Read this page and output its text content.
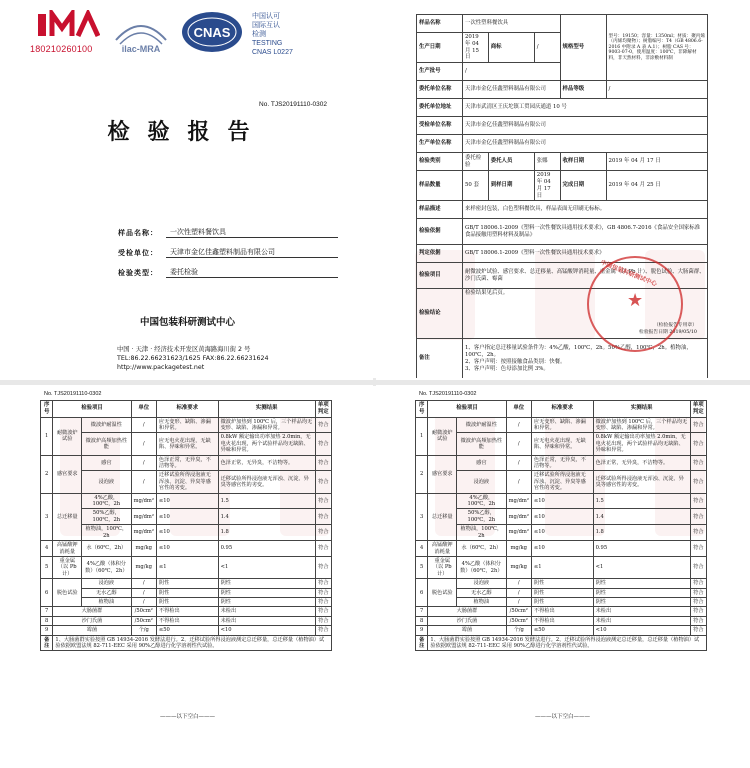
180210260100	ilac-MRA
CNAS
中国认可
国际互认
检测
TESTING
CNAS L0227
No. TJS20191110-0302
检验报告
样品名称：	一次性塑料餐饮具
受检单位：	天津市金亿佳鑫塑料制品有限公司
检验类型：	委托检验
中国包装科研测试中心
中国 · 天津 · 经济技术开发区黄海路海川街 2 号
TEL:86.22.66231623/1625 FAX:86.22.66231624
http://www.packagetest.net
样品名称	一次性塑料餐饮具			规格型号	型号：19150；容量：1350ml；材质：聚丙烯（丙烯均聚物）；树脂编号：T4（GB 4806.6-2016 中附录 A 表 A.1）；树脂 CAS 号：9003-07-0，使用温度：100℃，非降解材料，非天然材料，非涂敷材料制
生产日期	2019 年 04 月 15 日	商标	/		
生产批号	/				
委托单位名称	天津市金亿佳鑫塑料制品有限公司			样品等级	/
委托单位地址	天津市武清区王庆坨镇工贸园庆通道 10 号				
受检单位名称	天津市金亿佳鑫塑料制品有限公司				
生产单位名称	天津市金亿佳鑫塑料制品有限公司				
检验类别	委托检验	委托人员	张娜	收样日期	2019 年 04 月 17 日
样品数量	50 套	到样日期	2019 年 04 月 17 日	完成日期	2019 年 04 月 25 日
样品描述	来样密封包装，白色塑料餐饮具，样品表面无印刷无标标。				
检验依据	GB/T 18006.1-2009《塑料一次性餐饮具通用技术要求》，GB 4806.7-2016《食品安全国家标准 食品接触用塑料材料及制品》				
判定依据	GB/T 18006.1-2009《塑料一次性餐饮具通用技术要求》				
检验项目	耐微波炉试验、感官要求、总迁移量、高锰酸钾消耗量、重金属（以 Pb 计）、脱色试验、大肠菌群、沙门氏菌、霉菌				
检验结论	检验结果见后页。
（检验报告专用章）
检验报告日期 2019/05/10				

备注	1、客户指定总迁移量试验条件为：4%乙酸，100℃，2h。50%乙醇，100℃，2h。植物油，100℃，2h。
2、客户声明：按照接触食品类别：快餐。
3、客户声明：色母添加比例 3%。				
中国包装科研测试中心
★
No. TJS20191110-0302
序号	检验项目		单位	标准要求	实测结果	单项判定
1	耐微波炉试验	微波炉耐温性	/	应无变形、缺陷、渗漏和异常。	微波炉加热到 100℃ 后，三个样品均无变形、缺陷、渗漏和异常。	符合
		微波炉高频加热性能	/	应无电火花出现，无缺陷、异味和异常。	0.8kW 额定输出功率加热 2.0min，无电火花出现，两个试验样品均无缺陷、异味和异常。	符合
2	感官要求	感官	/	色泽正常，无异臭，不洁物等。	色泽正常，无异臭，不洁物等。	符合
		浸泡液	/	迁移试验所得浸泡液无浑浊、沉淀、异臭等感官性的劣变。	迁移试验所得浸泡液无浑浊、沉淀、异臭等感官性的劣变。	符合
3	总迁移量	4%乙酸，100℃，2h	mg/dm²	≤10	1.5	符合
		50%乙醇，100℃，2h	mg/dm²	≤10	1.4	符合
		植物油，100℃，2h	mg/dm²	≤10	1.8	符合
4	高锰酸钾消耗量	水（60℃，2h）	mg/kg	≤10	0.95	符合
5	重金属（以 Pb 计）	4%乙酸（体积分数）（60℃，2h）	mg/kg	≤1	<1	符合
6	脱色试验	浸泡液	/	阴性	阴性	符合
		无水乙醇	/	阴性	阴性	符合
		植物油	/	阴性	阴性	符合
7	大肠菌群		/50cm²	不得检出	未检出	符合
8	沙门氏菌		/50cm²	不得检出	未检出	符合
9	霉菌		个/g	≤50	<10	符合
备注	1、大肠菌群实验按照 GB 14934-2016 发酵法进行。2、迁移试验所得浸泡液测定总迁移量，总迁移量（植物油）试验依据欧盟法规 82-711-EEC 采用 90%乙醇进行化学溶剂性代试验。					
———以下空白———
No. TJS20191110-0302
序号	检验项目		单位	标准要求	实测结果	单项判定
1	耐微波炉试验	微波炉耐温性	/	应无变形、缺陷、渗漏和异常。	微波炉加热到 100℃ 后，三个样品均无变形、缺陷、渗漏和异常。	符合
		微波炉高频加热性能	/	应无电火花出现，无缺陷、异味和异常。	0.8kW 额定输出功率加热 2.0min，无电火花出现，两个试验样品均无缺陷、异味和异常。	符合
2	感官要求	感官	/	色泽正常，无异臭，不洁物等。	色泽正常，无异臭，不洁物等。	符合
		浸泡液	/	迁移试验所得浸泡液无浑浊、沉淀、异臭等感官性的劣变。	迁移试验所得浸泡液无浑浊、沉淀、异臭等感官性的劣变。	符合
3	总迁移量	4%乙酸，100℃，2h	mg/dm²	≤10	1.5	符合
		50%乙醇，100℃，2h	mg/dm²	≤10	1.4	符合
		植物油，100℃，2h	mg/dm²	≤10	1.8	符合
4	高锰酸钾消耗量	水（60℃，2h）	mg/kg	≤10	0.95	符合
5	重金属（以 Pb 计）	4%乙酸（体积分数）（60℃，2h）	mg/kg	≤1	<1	符合
6	脱色试验	浸泡液	/	阴性	阴性	符合
		无水乙醇	/	阴性	阴性	符合
		植物油	/	阴性	阴性	符合
7	大肠菌群		/50cm²	不得检出	未检出	符合
8	沙门氏菌		/50cm²	不得检出	未检出	符合
9	霉菌		个/g	≤50	<10	符合
备注	1、大肠菌群实验按照 GB 14934-2016 发酵法进行。2、迁移试验所得浸泡液测定总迁移量，总迁移量（植物油）试验依据欧盟法规 82-711-EEC 采用 90%乙醇进行化学溶剂性代试验。					
———以下空白———
